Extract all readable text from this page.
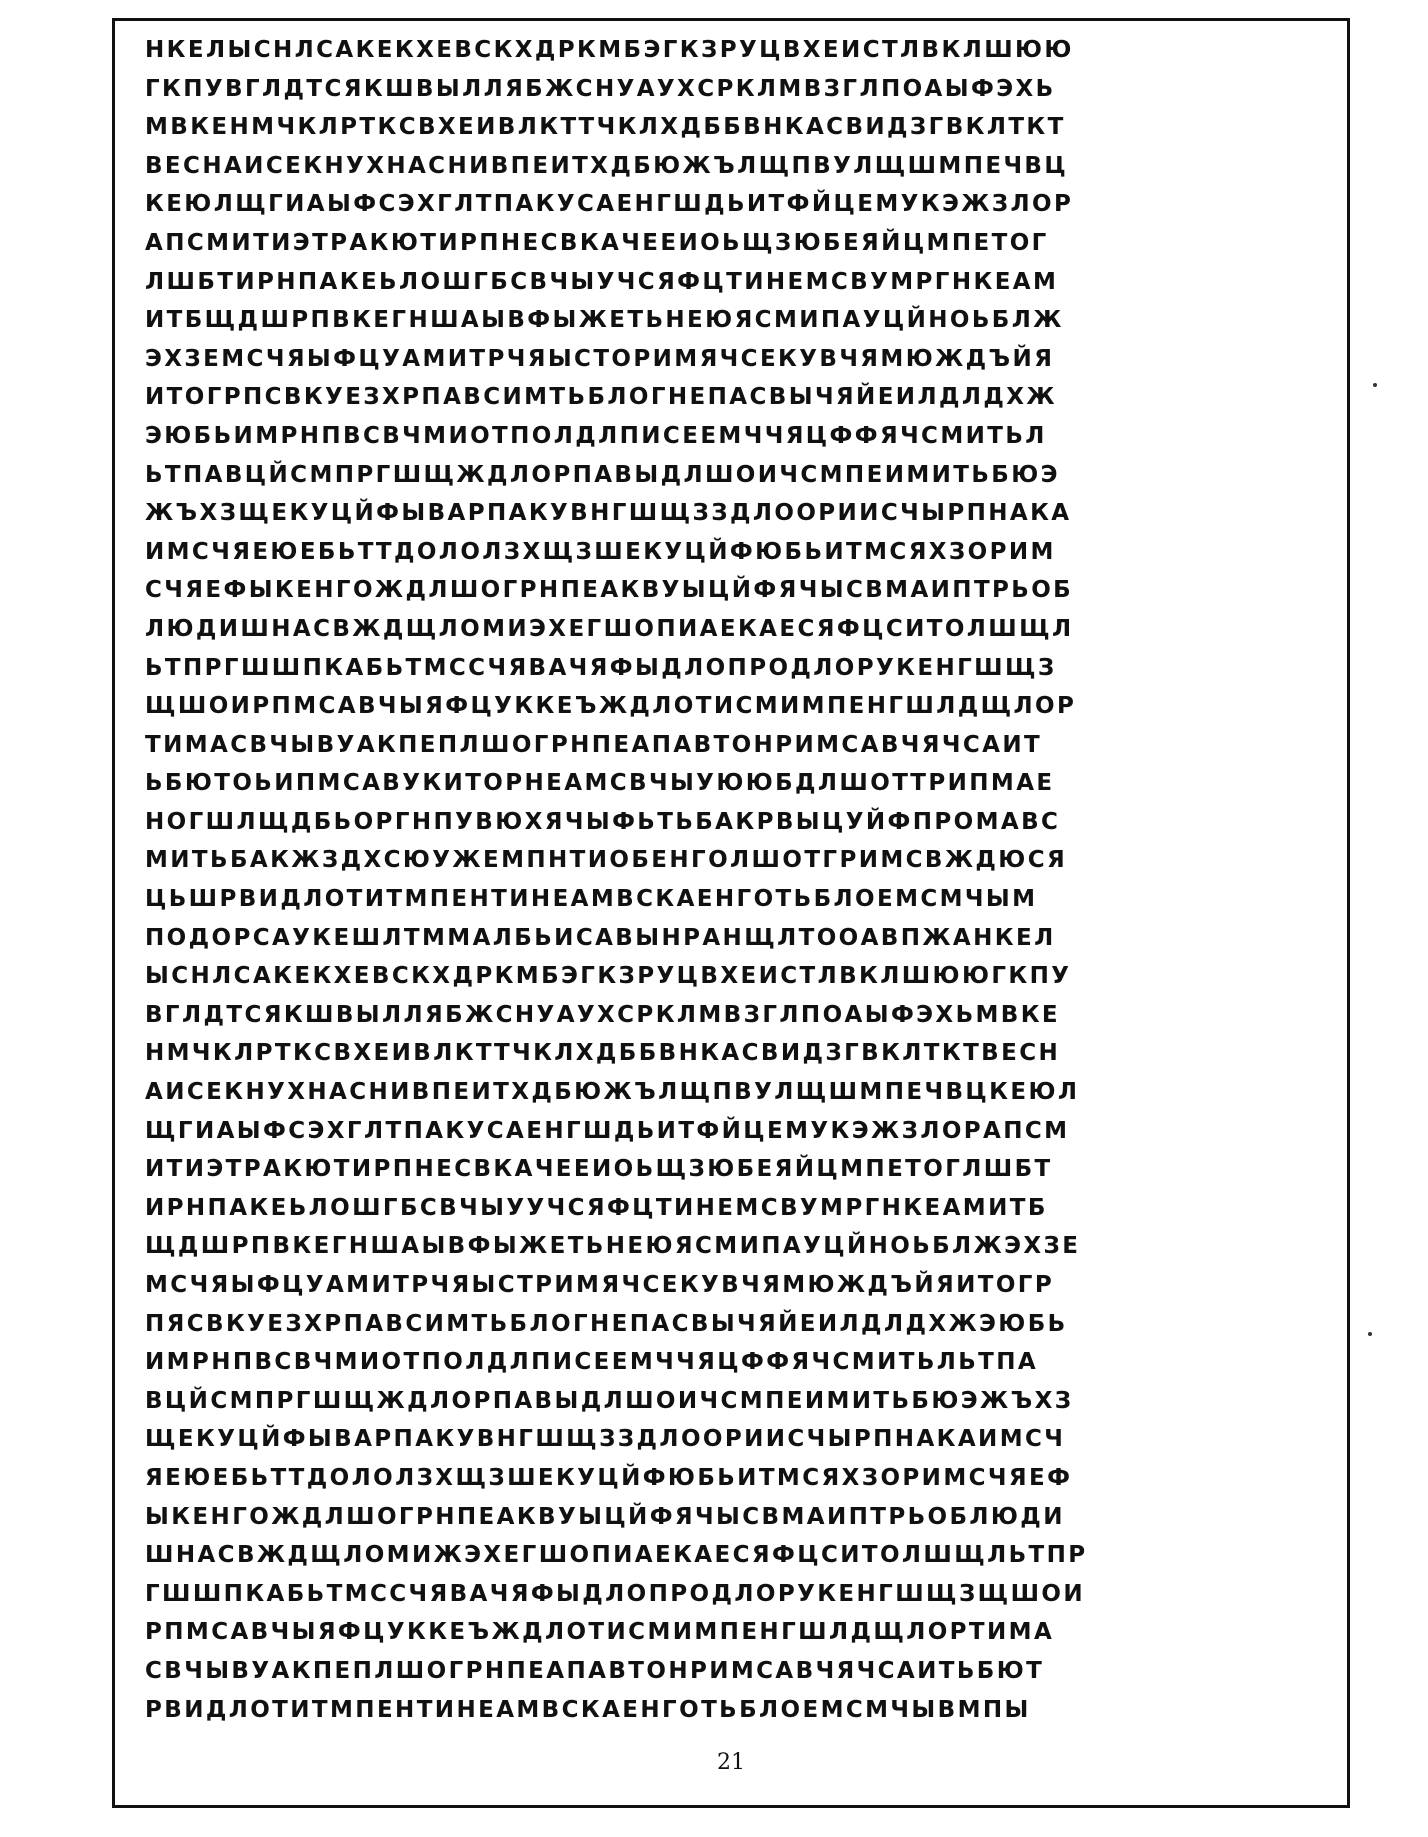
НКЕЛЫСНЛСАКЕКХЕВСКХДРКМБЭГКЗРУЦВХЕИСТЛВКЛШЮЮ
ГКПУВГЛДТСЯКШВЫЛЛЯБЖСНУАУХСРКЛМВЗГЛПОАЫФЭХЬ
МВКЕНМЧКЛРТКСВХЕИВЛКТТЧКЛХДББВНКАСВИДЗГВКЛТКТ
ВЕСНАИСЕКНУХНАСНИВПЕИТХДБЮЖЪЛЩПВУЛЩШМПЕЧВЦ
КЕЮЛЩГИАЫФСЭХГЛТПАКУСАЕНГШДЬИТФЙЦЕМУКЭЖЗЛОР
АПСМИТИЭТРАКЮТИРПНЕСВКАЧЕЕИОЬЩЗЮБЕЯЙЦМПЕТОГ
ЛШБТИРНПАКЕЬЛОШГБСВЧЫУЧСЯФЦТИНЕМСВУМРГНКЕАМ
ИТБЩДШРПВКЕГНШАЫВФЫЖЕТЬНЕЮЯСМИПАУЦЙНОЬБЛЖ
ЭХЗЕМСЧЯЫФЦУАМИТРЧЯЫСТОРИМЯЧСЕКУВЧЯМЮЖДЪЙЯ
ИТОГРПСВКУЕЗХРПАВСИМТЬБЛОГНЕПАСВЫЧЯЙЕИЛДЛДХЖ
ЭЮБЬИМРНПВСВЧМИОТПОЛДЛПИСЕЕМЧЧЯЦФФЯЧСМИТЬЛ
ЬТПАВЦЙСМПРГШЩЖДЛОРПАВЫДЛШОИЧСМПЕИМИТЬБЮЭ
ЖЪХЗЩЕКУЦЙФЫВАРПАКУВНГШЩЗЗДЛООРИИСЧЫРПНАКА
ИМСЧЯЕЮЕБЬТТДОЛОЛЗХЩЗШЕКУЦЙФЮБЬИТМСЯХЗОРИМ
СЧЯЕФЫКЕНГОЖДЛШОГРНПЕАКВУЫЦЙФЯЧЫСВМАИПТРЬОБ
ЛЮДИШНАСВЖДЩЛОМИЭХЕГШОПИАЕКАЕСЯФЦСИТОЛШЩЛ
ЬТПРГШШПКАБЬТМССЧЯВАЧЯФЫДЛОПРОДЛОРУКЕНГШЩЗ
ЩШОИРПМСАВЧЫЯФЦУККЕЪЖДЛОТИСМИМПЕНГШЛДЩЛОР
ТИМАСВЧЫВУАКПЕПЛШОГРНПЕАПАВТОНРИМСАВЧЯЧСАИТ
ЬБЮТОЬИПМСАВУКИТОРНЕАМСВЧЫУЮЮБДЛШОТТРИПМАЕ
НОГШЛЩДБЬОРГНПУВЮХЯЧЫФЬТЬБАКРВЫЦУЙФПРОМАВС
МИТЬБАКЖЗДХСЮУЖЕМПНТИОБЕНГОЛШОТГРИМСВЖДЮСЯ
ЦЬШРВИДЛОТИТМПЕНТИНЕАМВСКАЕНГОТЬБЛОЕМСМЧЫМ
ПОДОРСАУКЕШЛТММАЛБЬИСАВЫНРАНЩЛТООАВПЖАНКЕЛ
ЫСНЛСАКЕКХЕВСКХДРКМБЭГКЗРУЦВХЕИСТЛВКЛШЮЮГКПУ
ВГЛДТСЯКШВЫЛЛЯБЖСНУАУХСРКЛМВЗГЛПОАЫФЭХЬМВКЕ
НМЧКЛРТКСВХЕИВЛКТТЧКЛХДББВНКАСВИДЗГВКЛТКТВЕСН
АИСЕКНУХНАСНИВПЕИТХДБЮЖЪЛЩПВУЛЩШМПЕЧВЦКЕЮЛ
ЩГИАЫФСЭХГЛТПАКУСАЕНГШДЬИТФЙЦЕМУКЭЖЗЛОРАПСМ
ИТИЭТРАКЮТИРПНЕСВКАЧЕЕИОЬЩЗЮБЕЯЙЦМПЕТОГЛШБТ
ИРНПАКЕЬЛОШГБСВЧЫУУЧСЯФЦТИНЕМСВУМРГНКЕАМИТБ
ЩДШРПВКЕГНШАЫВФЫЖЕТЬНЕЮЯСМИПАУЦЙНОЬБЛЖЭХЗЕ
МСЧЯЫФЦУАМИТРЧЯЫСТРИМЯЧСЕКУВЧЯМЮЖДЪЙЯИТОГР
ПЯСВКУЕЗХРПАВСИМТЬБЛОГНЕПАСВЫЧЯЙЕИЛДЛДХЖЭЮБЬ
ИМРНПВСВЧМИОТПОЛДЛПИСЕЕМЧЧЯЦФФЯЧСМИТЬЛЬТПА
ВЦЙСМПРГШЩЖДЛОРПАВЫДЛШОИЧСМПЕИМИТЬБЮЭЖЪХЗ
ЩЕКУЦЙФЫВАРПАКУВНГШЩЗЗДЛООРИИСЧЫРПНАКАИМСЧ
ЯЕЮЕБЬТТДОЛОЛЗХЩЗШЕКУЦЙФЮБЬИТМСЯХЗОРИМСЧЯЕФ
ЫКЕНГОЖДЛШОГРНПЕАКВУЫЦЙФЯЧЫСВМАИПТРЬОБЛЮДИ
ШНАСВЖДЩЛОМИЖЭХЕГШОПИАЕКАЕСЯФЦСИТОЛШЩЛЬТПР
ГШШПКАБЬТМССЧЯВАЧЯФЫДЛОПРОДЛОРУКЕНГШЩЗЩШОИ
РПМСАВЧЫЯФЦУККЕЪЖДЛОТИСМИМПЕНГШЛДЩЛОРТИМА
СВЧЫВУАКПЕПЛШОГРНПЕАПАВТОНРИМСАВЧЯЧСАИТЬБЮТ
РВИДЛОТИТМПЕНТИНЕАМВСКАЕНГОТЬБЛОЕМСМЧЫВМПЫ
21
